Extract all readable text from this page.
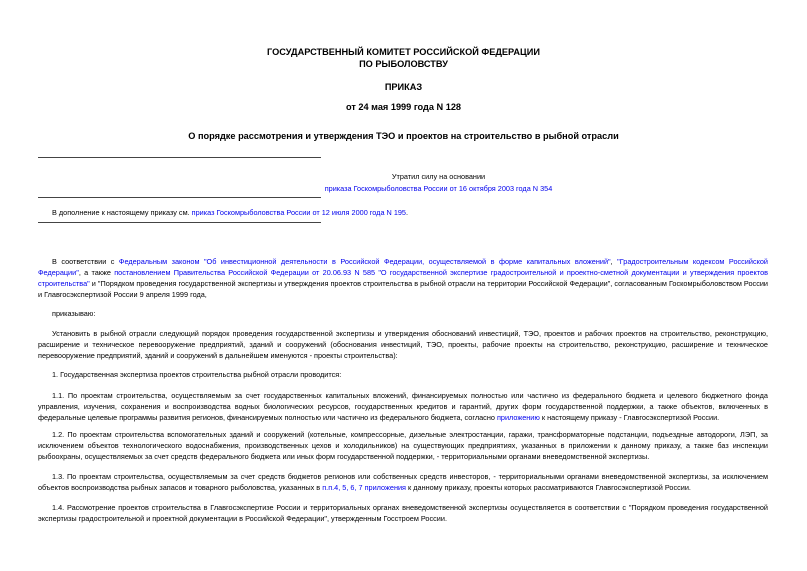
ГОСУДАРСТВЕННЫЙ КОМИТЕТ РОССИЙСКОЙ ФЕДЕРАЦИИ
ПО РЫБОЛОВСТВУ
ПРИКАЗ
от 24 мая 1999 года N 128
О порядке рассмотрения и утверждения ТЭО и проектов на строительство в рыбной отрасли
Утратил силу на основании
приказа Госкомрыболовства России от 16 октября 2003 года N 354
В дополнение к настоящему приказу см. приказ Госкомрыболовства России от 12 июля 2000 года N 195.
В соответствии с Федеральным законом "Об инвестиционной деятельности в Российской Федерации, осуществляемой в форме капитальных вложений", "Градостроительным кодексом Российской Федерации", а также постановлением Правительства Российской Федерации от 20.06.93 N 585 "О государственной экспертизе градостроительной и проектно-сметной документации и утверждения проектов строительства" и "Порядком проведения государственной экспертизы и утверждения проектов строительства в рыбной отрасли на территории Российской Федерации", согласованным Госкомрыболовством России и Главгосэкспертизой России 9 апреля 1999 года,
приказываю:
Установить в рыбной отрасли следующий порядок проведения государственной экспертизы и утверждения обоснований инвестиций, ТЭО, проектов и рабочих проектов на строительство, реконструкцию, расширение и техническое перевооружение предприятий, зданий и сооружений (обоснования инвестиций, ТЭО, проекты, рабочие проекты на строительство, реконструкцию, расширение и техническое перевооружение предприятий, зданий и сооружений в дальнейшем именуются - проекты строительства):
1. Государственная экспертиза проектов строительства рыбной отрасли проводится:
1.1. По проектам строительства, осуществляемым за счет государственных капитальных вложений, финансируемых полностью или частично из федерального бюджета и целевого бюджетного фонда управления, изучения, сохранения и воспроизводства водных биологических ресурсов, государственных кредитов и гарантий, других форм государственной поддержки, а также объектов, включенных в федеральные целевые программы развития регионов, финансируемых полностью или частично из федерального бюджета, согласно приложению к настоящему приказу - Главгосэкспертизой России.
1.2. По проектам строительства вспомогательных зданий и сооружений (котельные, компрессорные, дизельные электростанции, гаражи, трансформаторные подстанции, подъездные автодороги, ЛЭП, за исключением объектов технологического водоснабжения, производственных цехов и холодильников) на существующих предприятиях, указанных в приложении к данному приказу, а также баз инспекции рыбоохраны, осуществляемых за счет средств федерального бюджета или иных форм государственной поддержки, - территориальными органами вневедомственной экспертизы.
1.3. По проектам строительства, осуществляемым за счет средств бюджетов регионов или собственных средств инвесторов, - территориальными органами вневедомственной экспертизы, за исключением объектов воспроизводства рыбных запасов и товарного рыболовства, указанных в п.п.4, 5, 6, 7 приложения к данному приказу, проекты которых рассматриваются Главгосэкспертизой России.
1.4. Рассмотрение проектов строительства в Главгосэкспертизе России и территориальных органах вневедомственной экспертизы осуществляется в соответствии с "Порядком проведения государственной экспертизы градостроительной и проектной документации в Российской Федерации", утвержденным Госстроем России.
